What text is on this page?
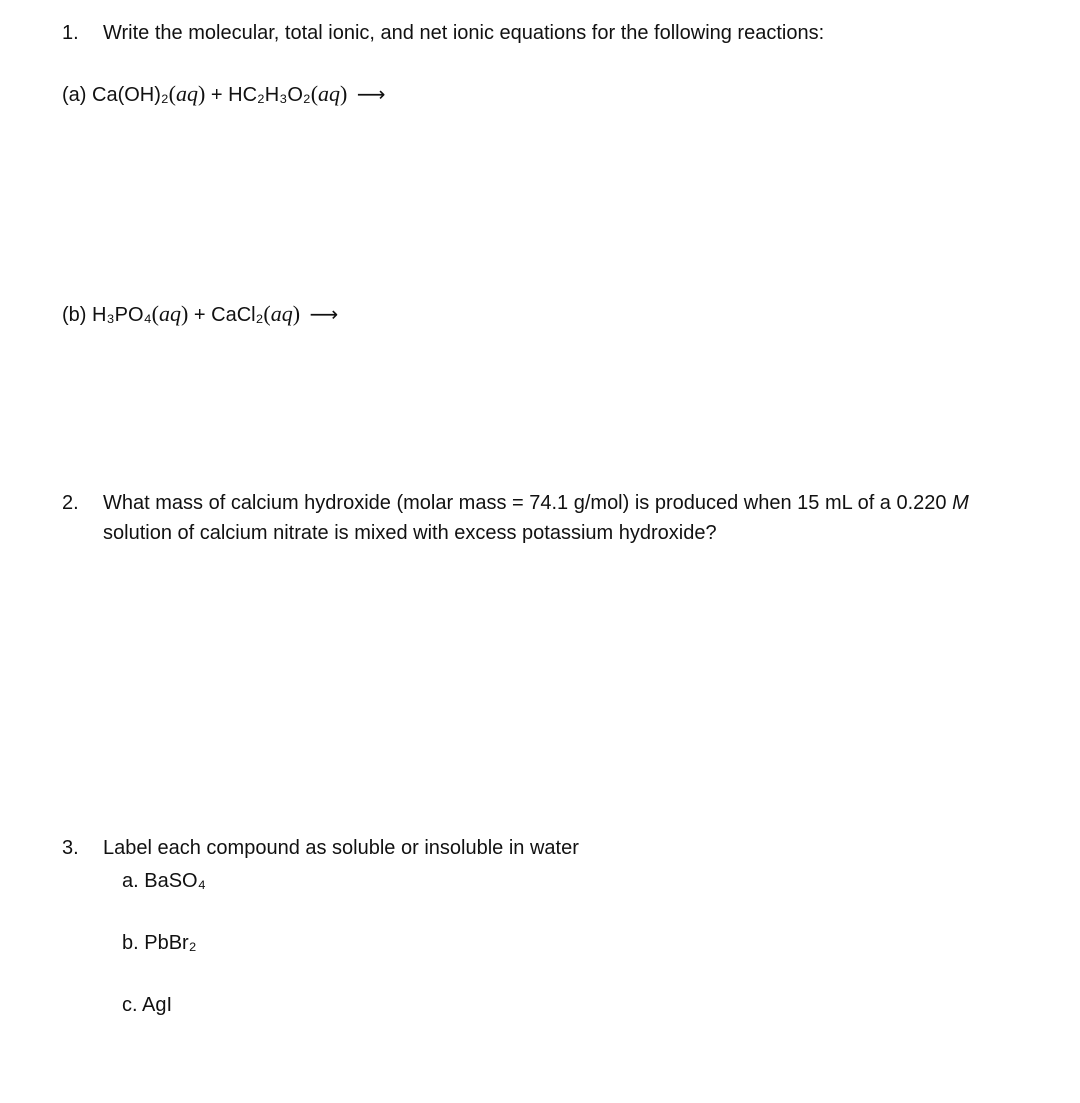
1.	Write the molecular, total ionic, and net ionic equations for the following reactions:
(a) Ca(OH)₂(aq) + HC₂H₃O₂(aq) ⟶
(b) H₃PO₄(aq) + CaCl₂(aq) ⟶
2.	What mass of calcium hydroxide (molar mass = 74.1 g/mol) is produced when 15 mL of a 0.220 M
solution of calcium nitrate is mixed with excess potassium hydroxide?
3.	Label each compound as soluble or insoluble in water
a. BaSO₄
b. PbBr₂
c. AgI
